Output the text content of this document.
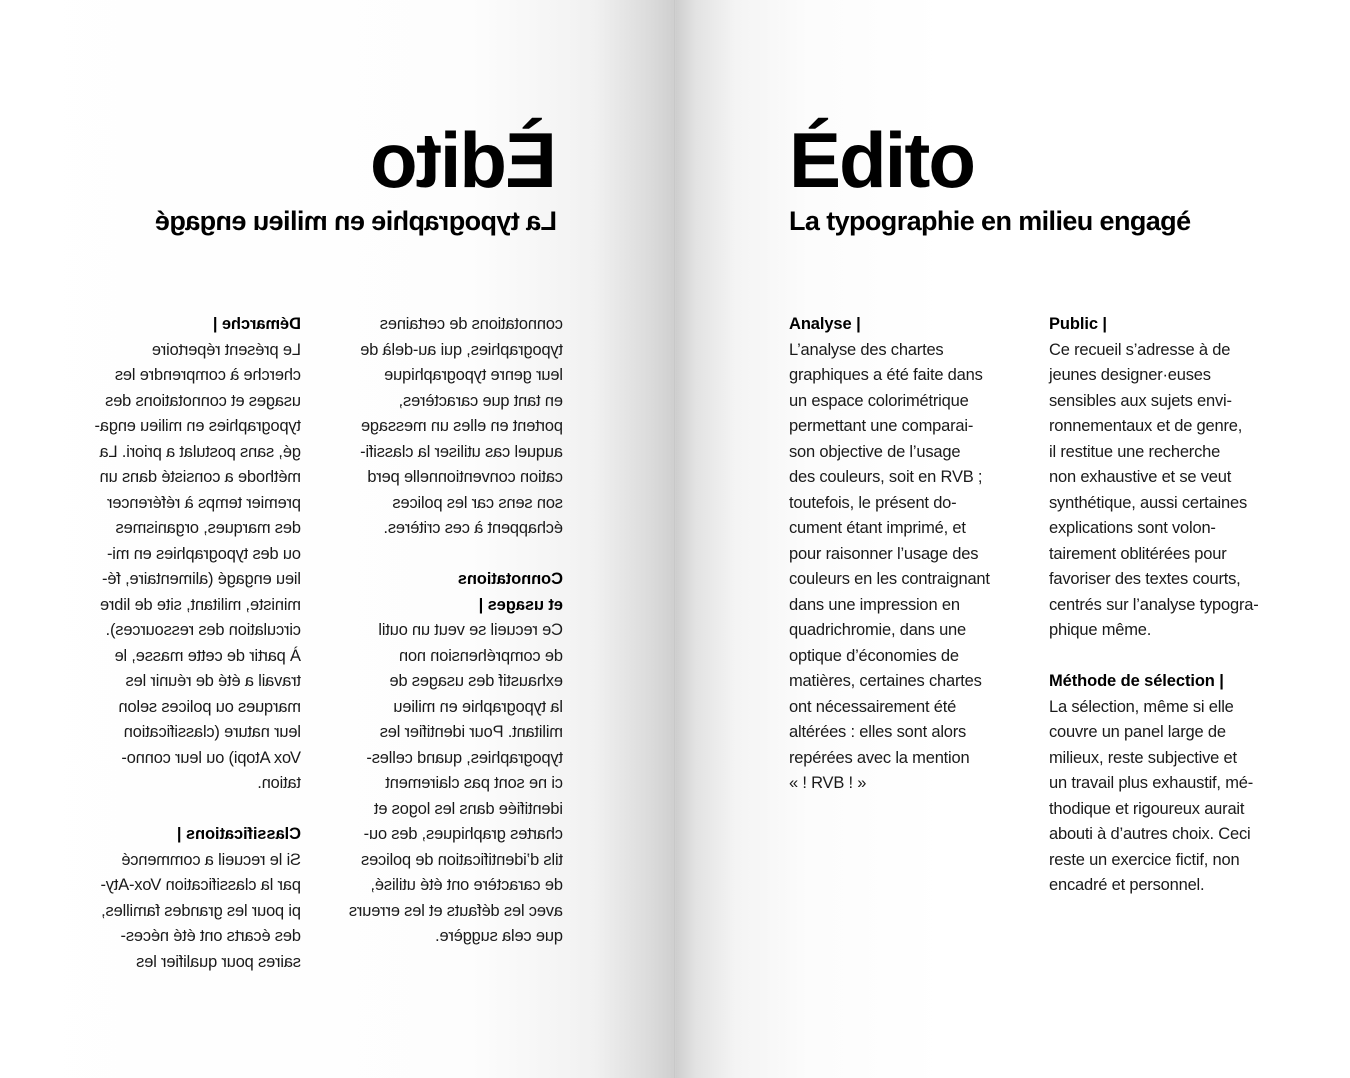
Èdito
La typographie en milieu engagé
connotations de certaines
typographies, qui au-delà de
leur genre typographique
en tant que caractères,
portent en elles un message
auquel cas utiliser la classifi-
cation conventionnelle perd
son sens car les polices
échappent à ces critères.
Connotations
et usages |
Ce recueil se veut un outil
de compréhension non
exhaustif des usages de
la typographie en milieu
militant. Pour identifier les
typographies, quand celles-
ci ne sont pas clairement
identifiée dans les logos et
chartes graphiques, des ou-
tils d’identification de polices
de caractère ont été utilisé,
avec les défauts et les erreurs
que cela suggère.
Démarche |
Le présent répertoire
cherche à comprendre les
usages et connotations des
typographies en milieu enga-
gé, sans postulat a priori. La
méthode a consisté dans un
premier temps à référencer
des marques, organismes
ou des typographies en mi-
lieu engagé (alimentaire, fé-
ministe, militant, site de libre
circulation des ressources).
À partir de cette masse, le
travail a été de réunir les
marques ou polices selon
leur nature (classification
Vox Atopi) ou leur conno-
tation.
Classifications |
Si le recueil a commencé
par la classification Vox-Aty-
pi pour les grandes familles,
des écarts ont été néces-
saires pour qualifier les
Édito
La typographie en milieu engagé
Analyse |
L’analyse des chartes
graphiques a été faite dans
un espace colorimétrique
permettant une comparai-
son objective de l’usage
des couleurs, soit en RVB ;
toutefois, le présent do-
cument étant imprimé, et
pour raisonner l’usage des
couleurs en les contraignant
dans une impression en
quadrichromie, dans une
optique d’économies de
matières, certaines chartes
ont nécessairement été
altérées : elles sont alors
repérées avec la mention
« ! RVB ! »
Public |
Ce recueil s’adresse à de
jeunes designer·euses
sensibles aux sujets envi-
ronnementaux et de genre,
il restitue une recherche
non exhaustive et se veut
synthétique, aussi certaines
explications sont volon-
tairement oblitérées pour
favoriser des textes courts,
centrés sur l’analyse typogra-
phique même.
Méthode de sélection |
La sélection, même si elle
couvre un panel large de
milieux, reste subjective et
un travail plus exhaustif, mé-
thodique et rigoureux aurait
abouti à d’autres choix. Ceci
reste un exercice fictif, non
encadré et personnel.
